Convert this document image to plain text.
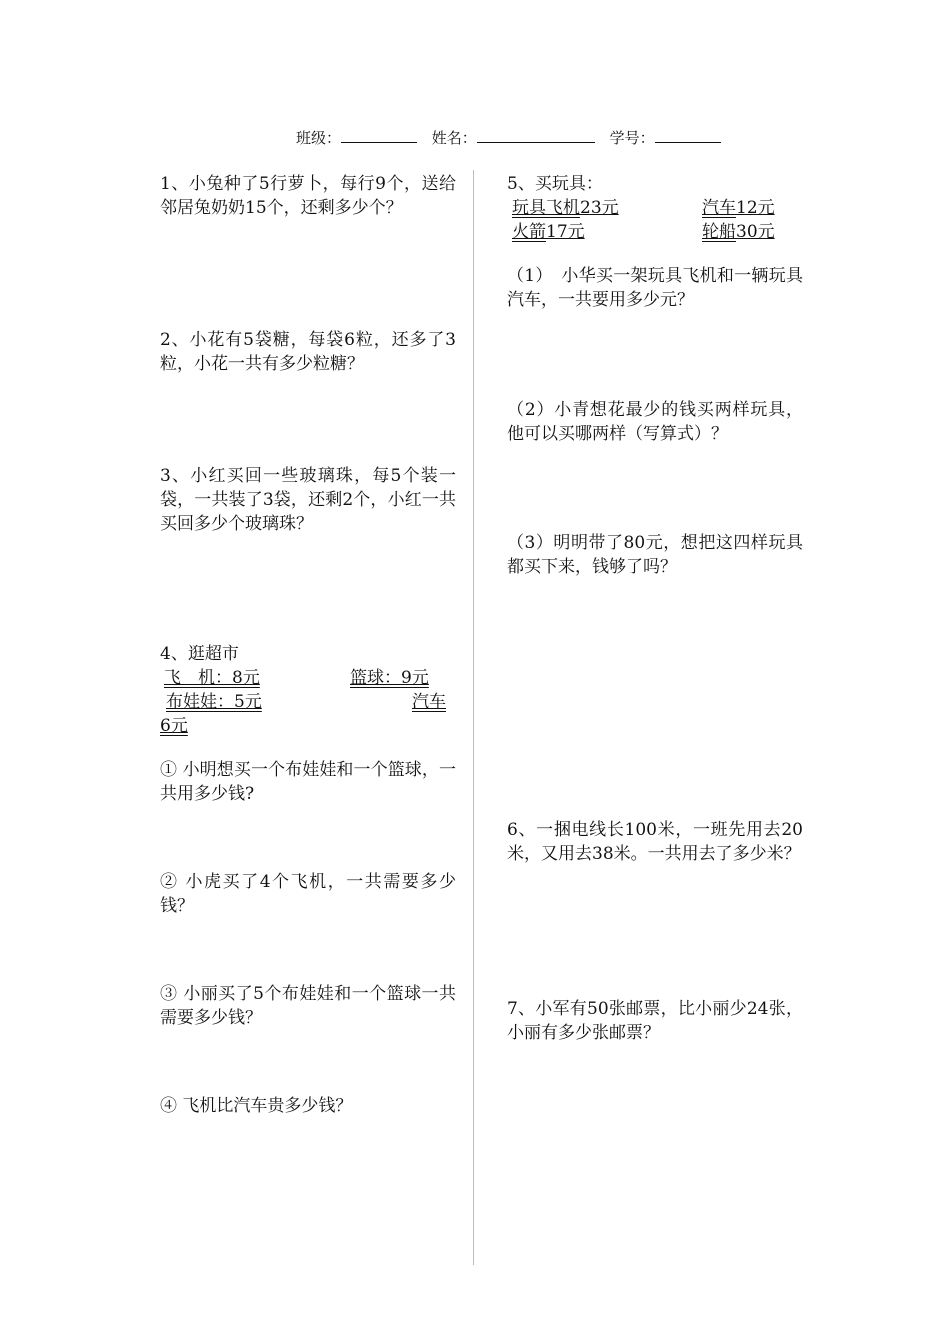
班级：	姓名：	学号：
1、小兔种了5行萝卜，每行9个，送给邻居兔奶奶15个，还剩多少个？
2、小花有5袋糖，每袋6粒，还多了3粒，小花一共有多少粒糖？
3、小红买回一些玻璃珠，每5个装一袋，一共装了3袋，还剩2个，小红一共买回多少个玻璃珠？
4、逛超市
飞　机：8元	篮球：9元
布娃娃：5元	汽车
6元
① 小明想买一个布娃娃和一个篮球，一共用多少钱?
② 小虎买了4个飞机，一共需要多少钱？
③ 小丽买了5个布娃娃和一个篮球一共需要多少钱？
④ 飞机比汽车贵多少钱？
5、买玩具：
玩具飞机23元	汽车12元
火箭17元	轮船30元
（1）　小华买一架玩具飞机和一辆玩具汽车，一共要用多少元？
（2）小青想花最少的钱买两样玩具，他可以买哪两样（写算式）？
（3）明明带了80元，想把这四样玩具都买下来，钱够了吗？
6、一捆电线长100米，一班先用去20米，又用去38米。一共用去了多少米？
7、小军有50张邮票，比小丽少24张，小丽有多少张邮票？
